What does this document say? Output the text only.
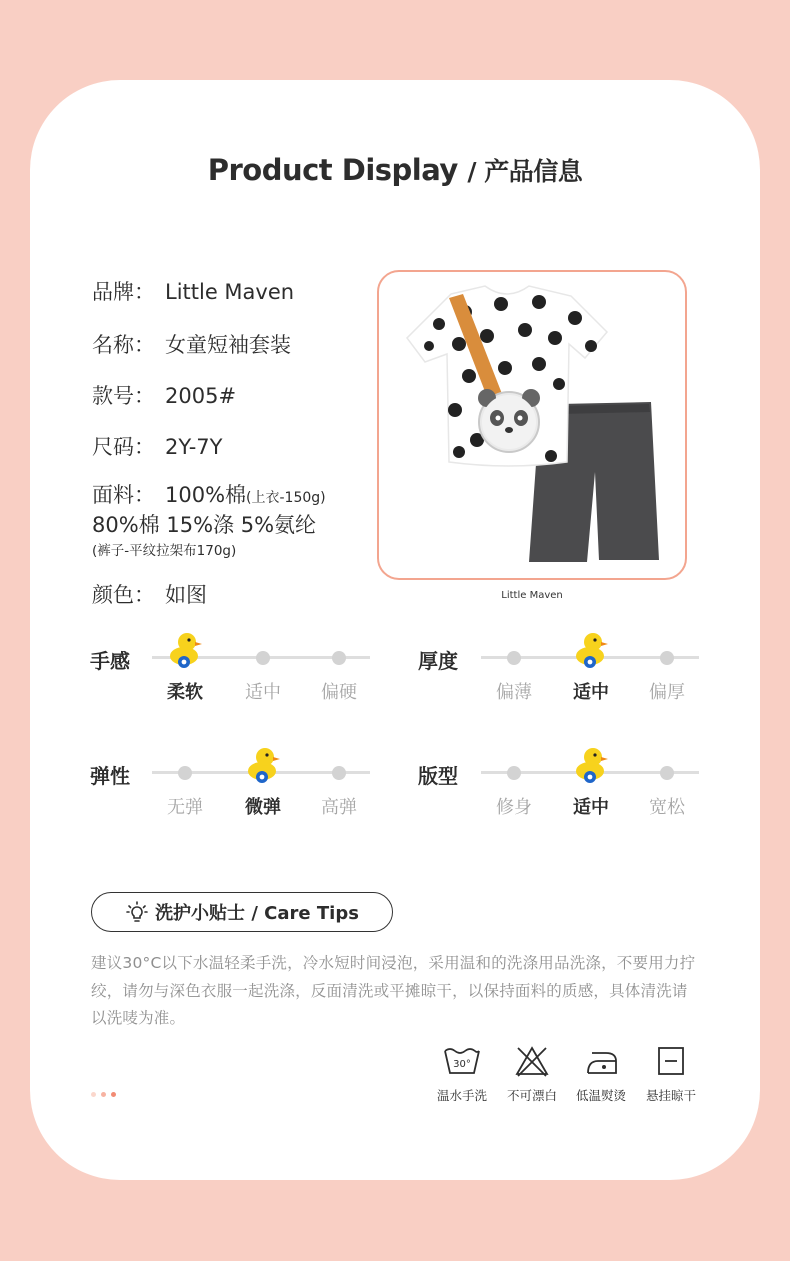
Product Display / 产品信息
品牌： Little Maven
名称： 女童短袖套装
款号： 2005#
尺码： 2Y-7Y
面料： 100%棉(上衣-150g)
80%棉 15%涤 5%氨纶
(裤子-平纹拉架布170g)
颜色： 如图	Little Maven
手感
柔软	适中	偏硬
厚度
偏薄	适中	偏厚
弹性
无弹	微弹	高弹
版型
修身	适中	宽松
洗护小贴士 / Care Tips
建议30°C以下水温轻柔手洗，冷水短时间浸泡，采用温和的洗涤用品洗涤，不要用力拧绞，请勿与深色衣服一起洗涤，反面清洗或平摊晾干，以保持面料的质感，具体清洗请以洗唛为准。
30°
温水手洗	不可漂白	低温熨烫	悬挂晾干
